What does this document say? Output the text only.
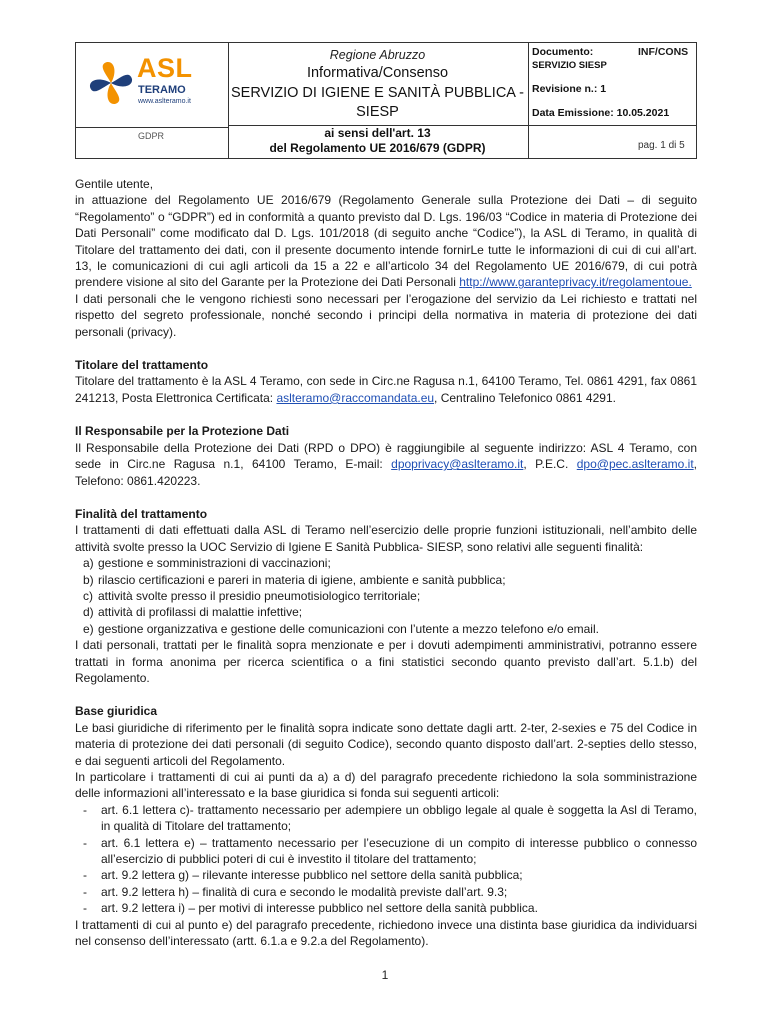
ASL
TERAMO
www.aslteramo.it
GDPR
Regione Abruzzo
Informativa/Consenso
SERVIZIO DI IGIENE E SANITÀ PUBBLICA - SIESP
ai sensi dell'art. 13
del Regolamento UE 2016/679 (GDPR)
Documento:	INF/CONS
SERVIZIO SIESP
Revisione n.: 1
Data Emissione: 10.05.2021
pag. 1 di 5

Gentile utente,

in attuazione del Regolamento UE 2016/679 (Regolamento Generale sulla Protezione dei Dati – di seguito “Regolamento” o “GDPR”) ed in conformità a quanto previsto dal D. Lgs. 196/03 “Codice in materia di Protezione dei Dati Personali” come modificato dal D. Lgs. 101/2018 (di seguito anche “Codice”), la ASL di Teramo, in qualità di Titolare del trattamento dei dati, con il presente documento intende fornirLe tutte le informazioni di cui di cui all’art. 13, le comunicazioni di cui agli articoli da 15 a 22 e all’articolo 34 del Regolamento UE 2016/679, di cui potrà prendere visione al sito del Garante per la Protezione dei Dati Personali http://www.garanteprivacy.it/regolamentoue.

I dati personali che le vengono richiesti sono necessari per l’erogazione del servizio da Lei richiesto e trattati nel rispetto del segreto professionale, nonché secondo i principi della normativa in materia di protezione dei dati personali (privacy).

Titolare del trattamento

Titolare del trattamento è la ASL 4 Teramo, con sede in Circ.ne Ragusa n.1, 64100 Teramo, Tel. 0861 4291, fax 0861 241213, Posta Elettronica Certificata: aslteramo@raccomandata.eu, Centralino Telefonico 0861 4291.

Il Responsabile per la Protezione Dati

Il Responsabile della Protezione dei Dati (RPD o DPO) è raggiungibile al seguente indirizzo: ASL 4 Teramo, con sede in Circ.ne Ragusa n.1, 64100 Teramo, E-mail: dpoprivacy@aslteramo.it, P.E.C. dpo@pec.aslteramo.it, Telefono: 0861.420223.

Finalità del trattamento

I trattamenti di dati effettuati dalla ASL di Teramo nell’esercizio delle proprie funzioni istituzionali, nell’ambito delle attività svolte presso la UOC Servizio di Igiene E Sanità Pubblica- SIESP, sono relativi alle seguenti finalità:

a) gestione e somministrazioni di vaccinazioni;
b) rilascio certificazioni e pareri in materia di igiene, ambiente e sanità pubblica;
c) attività svolte presso il presidio pneumotisiologico territoriale;
d) attività di profilassi di malattie infettive;
e) gestione organizzativa e gestione delle comunicazioni con l’utente a mezzo telefono e/o email.

I dati personali, trattati per le finalità sopra menzionate e per i dovuti adempimenti amministrativi, potranno essere trattati in forma anonima per ricerca scientifica o a fini statistici secondo quanto previsto dall’art. 5.1.b) del Regolamento.

Base giuridica

Le basi giuridiche di riferimento per le finalità sopra indicate sono dettate dagli artt. 2-ter, 2-sexies e 75 del Codice in materia di protezione dei dati personali (di seguito Codice), secondo quanto disposto dall’art. 2-septies dello stesso, e dai seguenti articoli del Regolamento.

In particolare i trattamenti di cui ai punti da a) a d) del paragrafo precedente richiedono la sola somministrazione delle informazioni all’interessato e la base giuridica si fonda sui seguenti articoli:

- art. 6.1 lettera c)- trattamento necessario per adempiere un obbligo legale al quale è soggetta la Asl di Teramo, in qualità di Titolare del trattamento;
- art. 6.1 lettera e) – trattamento necessario per l’esecuzione di un compito di interesse pubblico o connesso all’esercizio di pubblici poteri di cui è investito il titolare del trattamento;
- art. 9.2 lettera g) – rilevante interesse pubblico nel settore della sanità pubblica;
- art. 9.2 lettera h) – finalità di cura e secondo le modalità previste dall’art. 9.3;
- art. 9.2 lettera i) – per motivi di interesse pubblico nel settore della sanità pubblica.

I trattamenti di cui al punto e) del paragrafo precedente, richiedono invece una distinta base giuridica da individuarsi nel consenso dell’interessato (artt. 6.1.a e 9.2.a del Regolamento).

1
